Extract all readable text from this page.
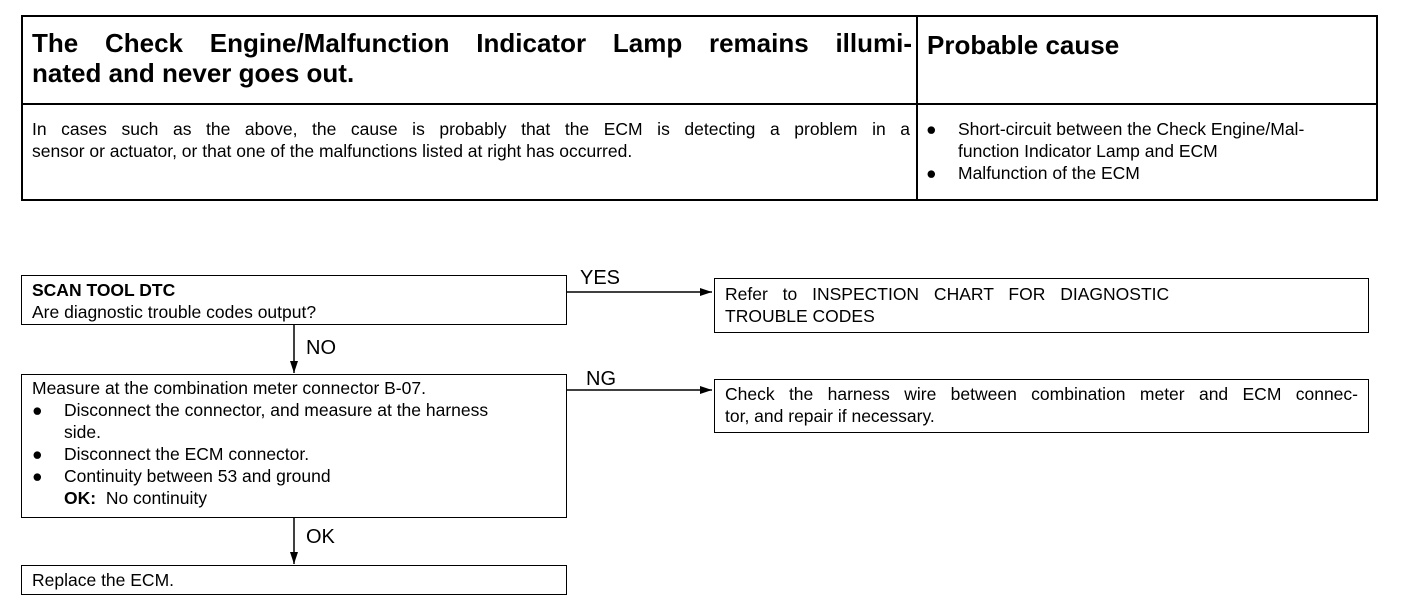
The Check Engine/Malfunction Indicator Lamp remains illumi-
nated and never goes out.
Probable cause
In cases such as the above, the cause is probably that the ECM is detecting a problem in a
sensor or actuator, or that one of the malfunctions listed at right has occurred.
● Short-circuit between the Check Engine/Mal-
function Indicator Lamp and ECM
● Malfunction of the ECM
SCAN TOOL DTC
Are diagnostic trouble codes output?
YES
Refer to INSPECTION CHART FOR DIAGNOSTIC
TROUBLE CODES
NO
Measure at the combination meter connector B-07.
● Disconnect the connector, and measure at the harness
side.
● Disconnect the ECM connector.
● Continuity between 53 and ground
OK: No continuity
NG
Check the harness wire between combination meter and ECM connec-
tor, and repair if necessary.
OK
Replace the ECM.
